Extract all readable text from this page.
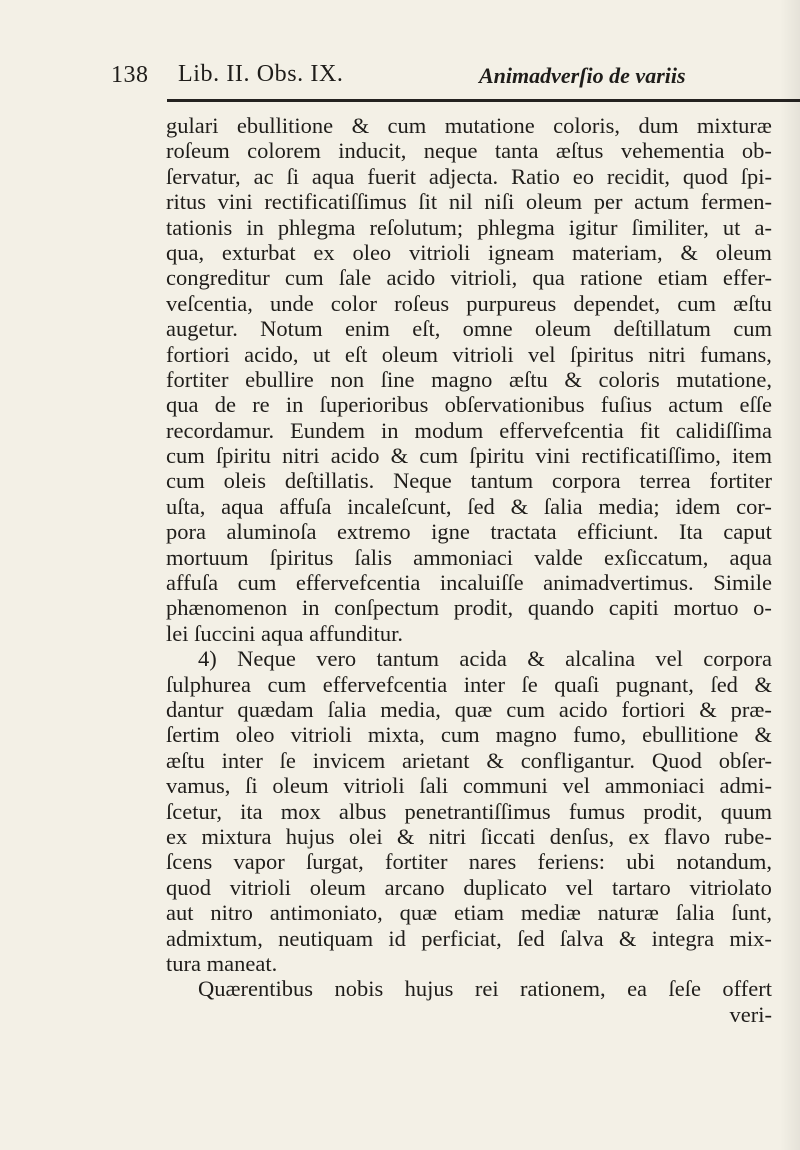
138 Lib. II. Obs. IX.	Animadverſio de variis
gulari ebullitione & cum mutatione coloris, dum mixturæ
roſeum colorem inducit, neque tanta æſtus vehementia ob-
ſervatur, ac ſi aqua fuerit adjecta. Ratio eo recidit, quod ſpi-
ritus vini rectificatiſſimus ſit nil niſi oleum per actum fermen-
tationis in phlegma reſolutum; phlegma igitur ſimiliter, ut a-
qua, exturbat ex oleo vitrioli igneam materiam, & oleum
congreditur cum ſale acido vitrioli, qua ratione etiam effer-
veſcentia, unde color roſeus purpureus dependet, cum æſtu
augetur. Notum enim eſt, omne oleum deſtillatum cum
fortiori acido, ut eſt oleum vitrioli vel ſpiritus nitri fumans,
fortiter ebullire non ſine magno æſtu & coloris mutatione,
qua de re in ſuperioribus obſervationibus fuſius actum eſſe
recordamur. Eundem in modum effervefcentia fit calidiſſima
cum ſpiritu nitri acido & cum ſpiritu vini rectificatiſſimo, item
cum oleis deſtillatis. Neque tantum corpora terrea fortiter
uſta, aqua affuſa incaleſcunt, ſed & ſalia media; idem cor-
pora aluminoſa extremo igne tractata efficiunt. Ita caput
mortuum ſpiritus ſalis ammoniaci valde exſiccatum, aqua
affuſa cum effervefcentia incaluiſſe animadvertimus. Simile
phænomenon in conſpectum prodit, quando capiti mortuo o-
lei ſuccini aqua affunditur.
4) Neque vero tantum acida & alcalina vel corpora
ſulphurea cum effervefcentia inter ſe quaſi pugnant, ſed &
dantur quædam ſalia media, quæ cum acido fortiori & præ-
ſertim oleo vitrioli mixta, cum magno fumo, ebullitione &
æſtu inter ſe invicem arietant & confligantur. Quod obſer-
vamus, ſi oleum vitrioli ſali communi vel ammoniaci admi-
ſcetur, ita mox albus penetrantiſſimus fumus prodit, quum
ex mixtura hujus olei & nitri ſiccati denſus, ex flavo rube-
ſcens vapor ſurgat, fortiter nares feriens: ubi notandum,
quod vitrioli oleum arcano duplicato vel tartaro vitriolato
aut nitro antimoniato, quæ etiam mediæ naturæ ſalia ſunt,
admixtum, neutiquam id perficiat, ſed ſalva & integra mix-
tura maneat.
Quærentibus nobis hujus rei rationem, ea ſeſe offert
veri-
